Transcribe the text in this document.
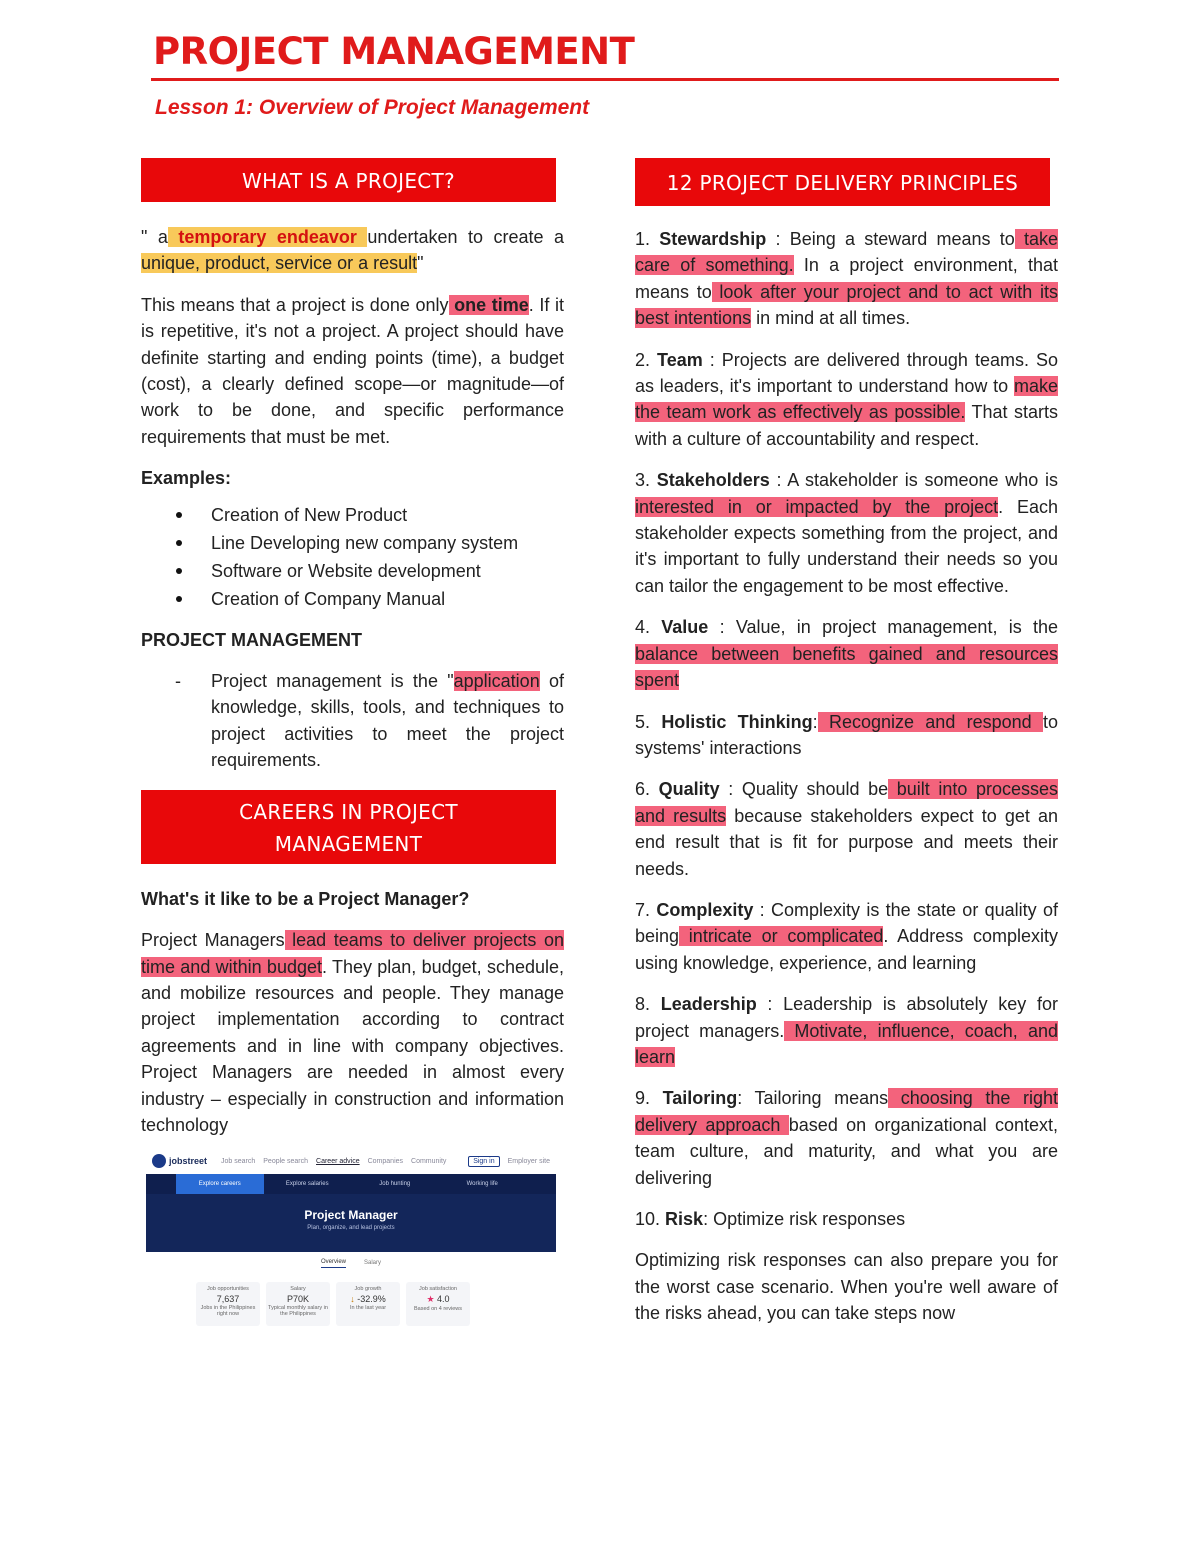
PROJECT MANAGEMENT
Lesson 1: Overview of Project Management
WHAT IS A PROJECT?

" a temporary endeavor undertaken to create a unique, product, service or a result"

This means that a project is done only one time. If it is repetitive, it's not a project. A project should have definite starting and ending points (time), a budget (cost), a clearly defined scope—or magnitude—of work to be done, and specific performance requirements that must be met.

Examples:

Creation of New Product
Line Developing new company system
Software or Website development
Creation of Company Manual

PROJECT MANAGEMENT

-	Project management is the "application of knowledge, skills, tools, and techniques to project activities to meet the project requirements.
CAREERS IN PROJECT
MANAGEMENT

What's it like to be a Project Manager?

Project Managers lead teams to deliver projects on time and within budget. They plan, budget, schedule, and mobilize resources and people. They manage project implementation according to contract agreements and in line with company objectives. Project Managers are needed in almost every industry – especially in construction and information technology

jobstreet Job search People search Career advice Companies Community	Sign in	Employer site
Explore careers	Explore salaries	Job hunting	Working life
Project Manager
Plan, organize, and lead projects
Overview	Salary
Job opportunities
7,637
Jobs in the Philippines right now
Salary
P70K
Typical monthly salary in the Philippines
Job growth
↓ -32.9%
In the last year
Job satisfaction
★ 4.0
Based on 4 reviews
12 PROJECT DELIVERY PRINCIPLES

1. Stewardship : Being a steward means to take care of something. In a project environment, that means to look after your project and to act with its best intentions in mind at all times.

2. Team : Projects are delivered through teams. So as leaders, it's important to understand how to make the team work as effectively as possible. That starts with a culture of accountability and respect.

3. Stakeholders : A stakeholder is someone who is interested in or impacted by the project. Each stakeholder expects something from the project, and it's important to fully understand their needs so you can tailor the engagement to be most effective.

4. Value : Value, in project management, is the balance between benefits gained and resources spent

5. Holistic Thinking: Recognize and respond to systems' interactions

6. Quality : Quality should be built into processes and results because stakeholders expect to get an end result that is fit for purpose and meets their needs.

7. Complexity : Complexity is the state or quality of being intricate or complicated. Address complexity using knowledge, experience, and learning

8. Leadership : Leadership is absolutely key for project managers. Motivate, influence, coach, and learn

9. Tailoring: Tailoring means choosing the right delivery approach based on organizational context, team culture, and maturity, and what you are delivering

10. Risk: Optimize risk responses

Optimizing risk responses can also prepare you for the worst case scenario. When you're well aware of the risks ahead, you can take steps now
